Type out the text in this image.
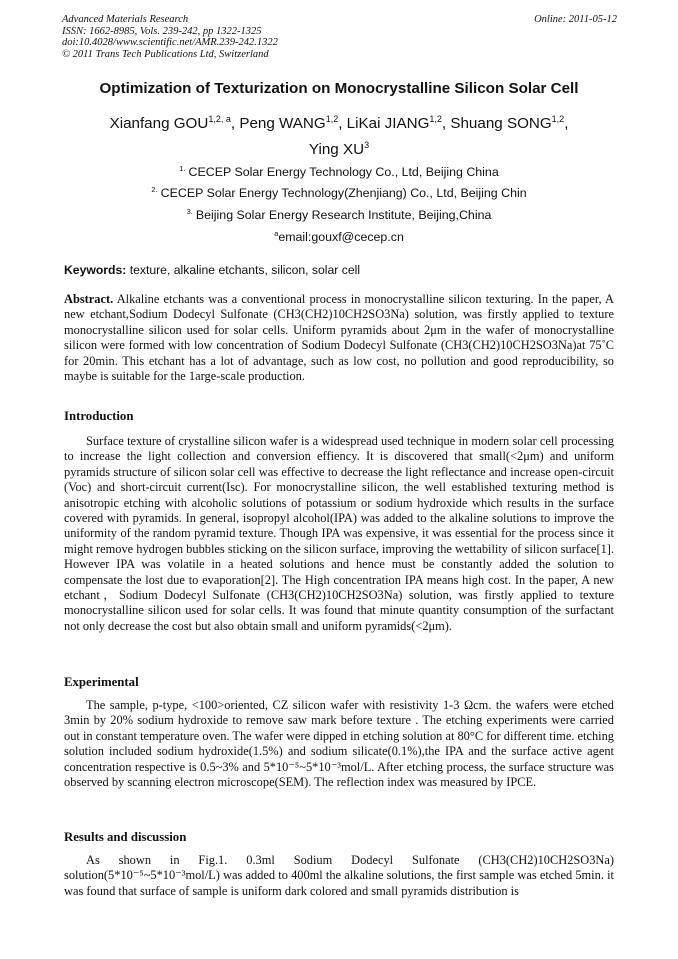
Advanced Materials Research
ISSN: 1662-8985, Vols. 239-242, pp 1322-1325
doi:10.4028/www.scientific.net/AMR.239-242.1322
© 2011 Trans Tech Publications Ltd, Switzerland
Online: 2011-05-12
Optimization of Texturization on Monocrystalline Silicon Solar Cell
Xianfang GOU$^{1,2, a}$, Peng WANG$^{1,2}$, LiKai JIANG$^{1,2}$, Shuang SONG$^{1,2}$,
Ying $XU^3$
$^{1.}$ CECEP Solar Energy Technology Co., Ltd, Beijing China
$^{2.}$ CECEP Solar Energy Technology(Zhenjiang) Co., Ltd, Beijing Chin
$^{3.}$ Beijing Solar Energy Research Institute, Beijing,China
$^a$email:gouxf@cecep.cn
Keywords: texture, alkaline etchants, silicon, solar cell
Abstract. Alkaline etchants was a conventional process in monocrystalline silicon texturing. In the paper, A new etchant,Sodium Dodecyl Sulfonate (CH3(CH2)10CH2SO3Na) solution, was firstly applied to texture monocrystalline silicon used for solar cells. Uniform pyramids about 2μm in the wafer of monocrystalline silicon were formed with low concentration of Sodium Dodecyl Sulfonate (CH3(CH2)10CH2SO3Na)at 75˚C for 20min. This etchant has a lot of advantage, such as low cost, no pollution and good reproducibility, so maybe is suitable for the 1arge-scale production.
Introduction
Surface texture of crystalline silicon wafer is a widespread used technique in modern solar cell processing to increase the light collection and conversion effiency. It is discovered that small(<2μm) and uniform pyramids structure of silicon solar cell was effective to decrease the light reflectance and increase open-circuit (Voc) and short-circuit current(Isc). For monocrystalline silicon, the well established texturing method is anisotropic etching with alcoholic solutions of potassium or sodium hydroxide which results in the surface covered with pyramids. In general, isopropyl alcohol(IPA) was added to the alkaline solutions to improve the uniformity of the random pyramid texture. Though IPA was expensive, it was essential for the process since it might remove hydrogen bubbles sticking on the silicon surface, improving the wettability of silicon surface[1]. However IPA was volatile in a heated solutions and hence must be constantly added the solution to compensate the lost due to evaporation[2]. The High concentration IPA means high cost. In the paper, A new etchant，Sodium Dodecyl Sulfonate (CH3(CH2)10CH2SO3Na) solution, was firstly applied to texture monocrystalline silicon used for solar cells. It was found that minute quantity consumption of the surfactant not only decrease the cost but also obtain small and uniform pyramids(<2μm).
Experimental
The sample, p-type, <100>oriented, CZ silicon wafer with resistivity 1-3 Ωcm. the wafers were etched 3min by 20% sodium hydroxide to remove saw mark before texture . The etching experiments were carried out in constant temperature oven. The wafer were dipped in etching solution at 80°C for different time. etching solution included sodium hydroxide(1.5%) and sodium silicate(0.1%),the IPA and the surface active agent concentration respective is 0.5~3% and 5*10⁻⁵~5*10⁻³mol/L. After etching process, the surface structure was observed by scanning electron microscope(SEM). The reflection index was measured by IPCE.
Results and discussion
As shown in Fig.1. 0.3ml Sodium Dodecyl Sulfonate (CH3(CH2)10CH2SO3Na) solution(5*10⁻⁵~5*10⁻³mol/L) was added to 400ml the alkaline solutions, the first sample was etched 5min. it was found that surface of sample is uniform dark colored and small pyramids distribution is
